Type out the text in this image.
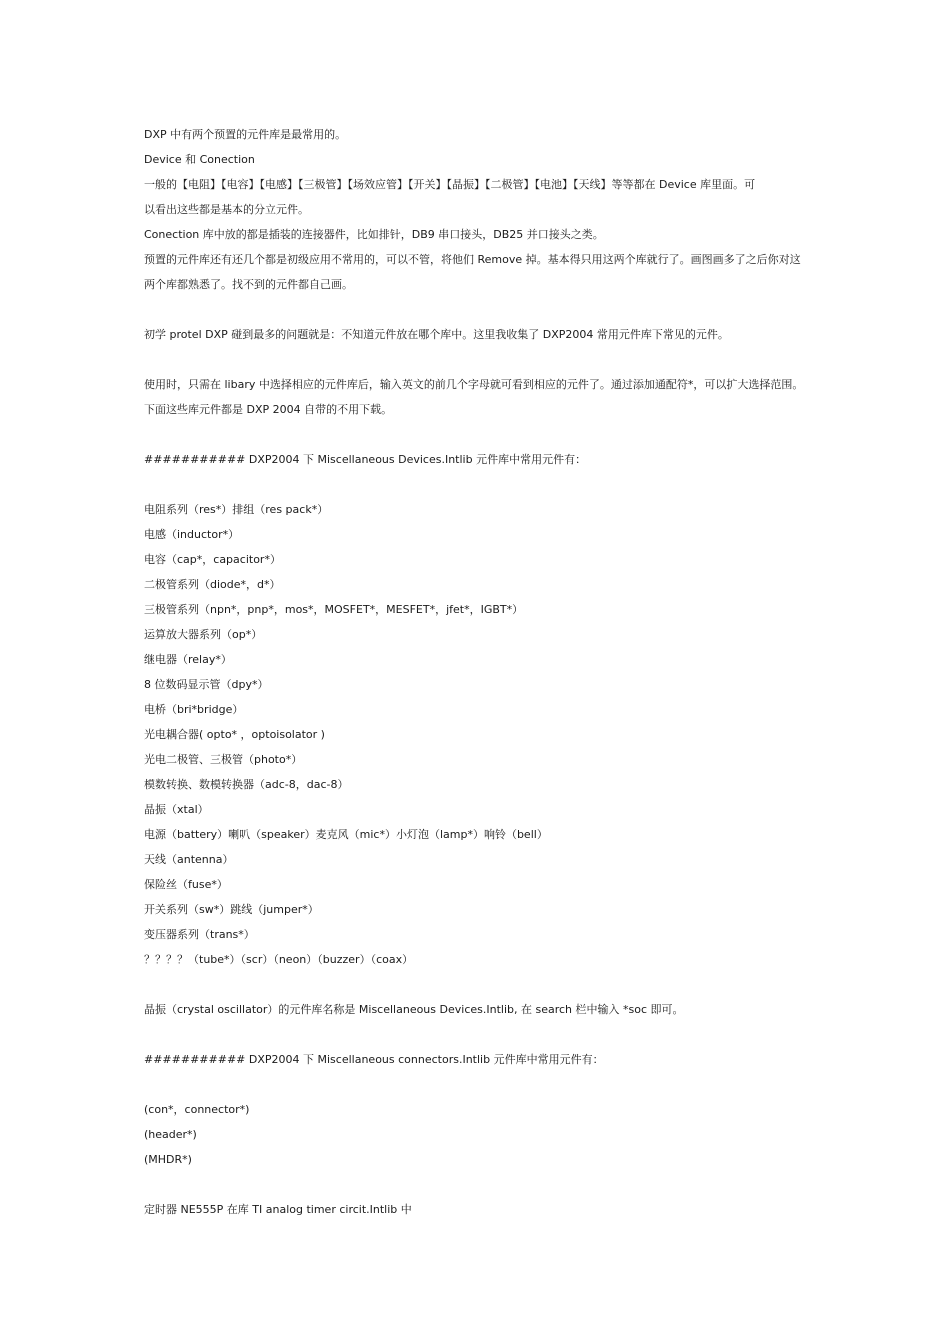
DXP 中有两个预置的元件库是最常用的。
Device 和 Conection
一般的【电阻】【电容】【电感】【三极管】【场效应管】【开关】【晶振】【二极管】【电池】【天线】等等都在 Device 库里面。可
以看出这些都是基本的分立元件。
Conection 库中放的都是插装的连接器件，比如排针，DB9 串口接头，DB25 并口接头之类。
预置的元件库还有还几个都是初级应用不常用的，可以不管，将他们 Remove 掉。基本得只用这两个库就行了。画图画多了之后你对这
两个库都熟悉了。找不到的元件都自己画。
初学 protel DXP 碰到最多的问题就是：不知道元件放在哪个库中。这里我收集了 DXP2004 常用元件库下常见的元件。
使用时，只需在 libary 中选择相应的元件库后，输入英文的前几个字母就可看到相应的元件了。通过添加通配符*，可以扩大选择范围。
下面这些库元件都是 DXP 2004 自带的不用下载。
########### DXP2004 下 Miscellaneous Devices.Intlib 元件库中常用元件有：
电阻系列（res*）排组（res pack*）
电感（inductor*）
电容（cap*，capacitor*）
二极管系列（diode*，d*）
三极管系列（npn*，pnp*，mos*，MOSFET*，MESFET*，jfet*，IGBT*）
运算放大器系列（op*）
继电器（relay*）
8 位数码显示管（dpy*）
电桥（bri*bridge）
光电耦合器( opto* ，optoisolator )
光电二极管、三极管（photo*）
模数转换、数模转换器（adc-8，dac-8）
晶振（xtal）
电源（battery）喇叭（speaker）麦克风（mic*）小灯泡（lamp*）响铃（bell）
天线（antenna）
保险丝（fuse*）
开关系列（sw*）跳线（jumper*）
变压器系列（trans*）
？？？？（tube*）（scr）（neon）（buzzer）（coax）
晶振（crystal oscillator）的元件库名称是 Miscellaneous Devices.Intlib, 在 search 栏中输入 *soc 即可。
########### DXP2004 下 Miscellaneous connectors.Intlib 元件库中常用元件有：
(con*，connector*)
(header*)
(MHDR*)
定时器 NE555P 在库 TI analog timer circit.Intlib 中
